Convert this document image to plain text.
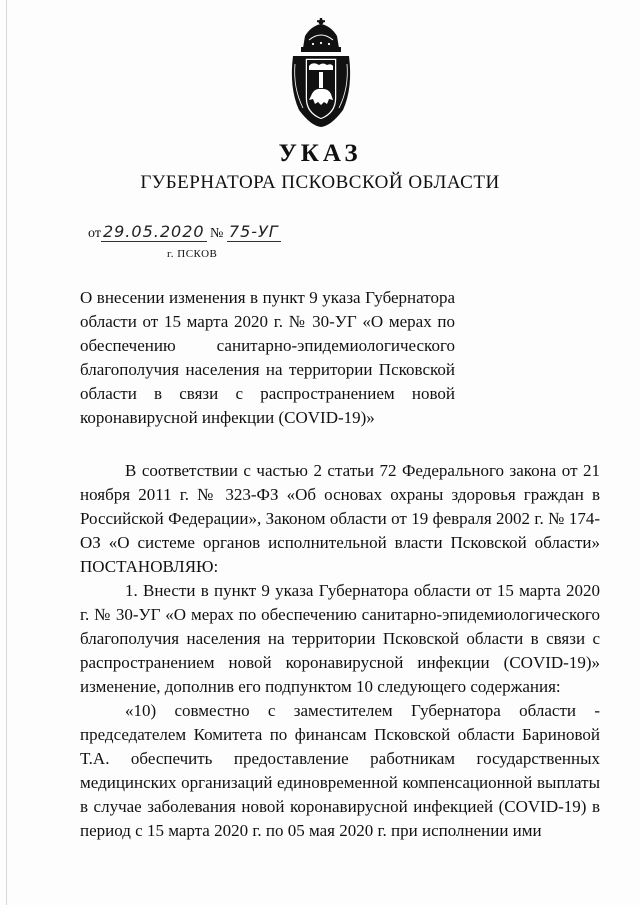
УКАЗ
ГУБЕРНАТОРА ПСКОВСКОЙ ОБЛАСТИ
от 29.05.2020 № 75-УГ
г. ПСКОВ
О внесении изменения в пункт 9 указа Губернатора области от 15 марта 2020 г. № 30-УГ «О мерах по обеспечению санитарно-эпидемиологического благополучия населения на территории Псковской области в связи с распространением новой коронавирусной инфекции (COVID-19)»

В соответствии с частью 2 статьи 72 Федерального закона от 21 ноября 2011 г. № 323-ФЗ «Об основах охраны здоровья граждан в Российской Федерации», Законом области от 19 февраля 2002 г. № 174-ОЗ «О системе органов исполнительной власти Псковской области» ПОСТАНОВЛЯЮ:

1. Внести в пункт 9 указа Губернатора области от 15 марта 2020 г. № 30-УГ «О мерах по обеспечению санитарно-эпидемиологического благополучия населения на территории Псковской области в связи с распространением новой коронавирусной инфекции (COVID-19)» изменение, дополнив его подпунктом 10 следующего содержания:

«10) совместно с заместителем Губернатора области - председателем Комитета по финансам Псковской области Бариновой Т.А. обеспечить предоставление работникам государственных медицинских организаций единовременной компенсационной выплаты в случае заболевания новой коронавирусной инфекцией (COVID-19) в период с 15 марта 2020 г. по 05 мая 2020 г. при исполнении ими
